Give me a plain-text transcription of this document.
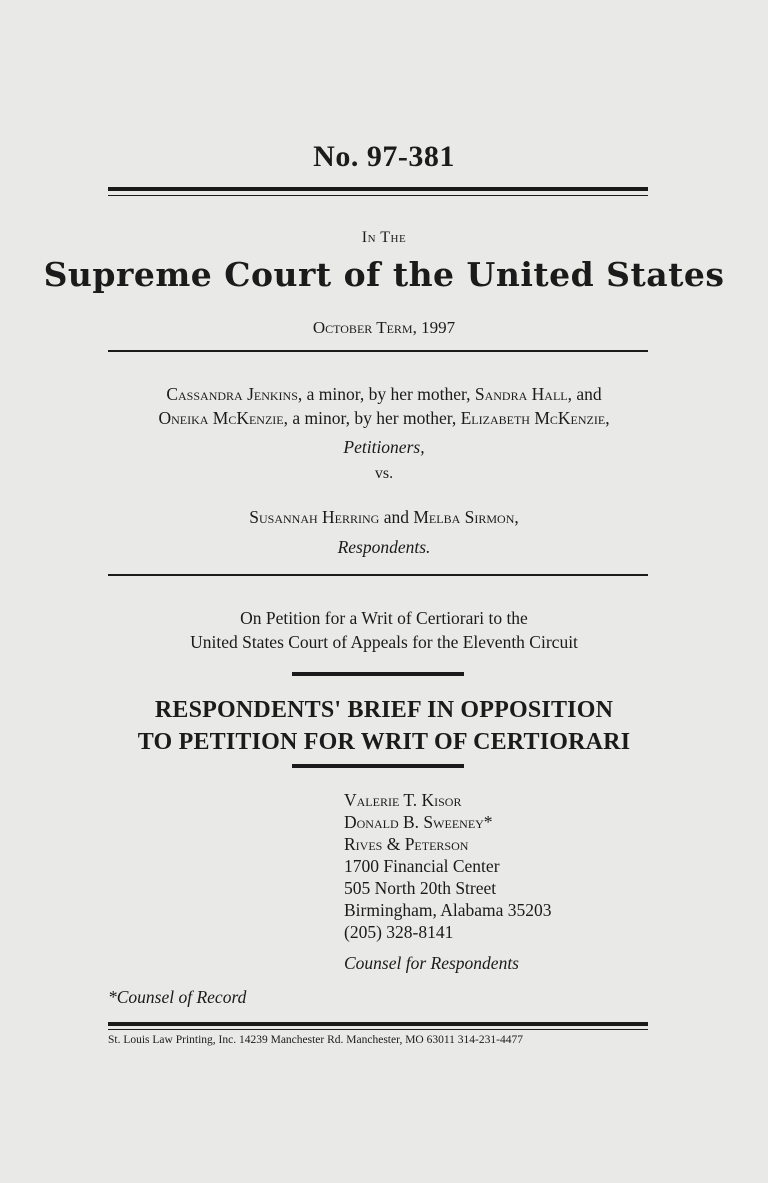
No. 97-381
In The
Supreme Court of the United States
October Term, 1997
Cassandra Jenkins, a minor, by her mother, Sandra Hall, and
Oneika McKenzie, a minor, by her mother, Elizabeth McKenzie,
Petitioners,
vs.
Susannah Herring and Melba Sirmon,
Respondents.
On Petition for a Writ of Certiorari to the
United States Court of Appeals for the Eleventh Circuit
RESPONDENTS' BRIEF IN OPPOSITION
TO PETITION FOR WRIT OF CERTIORARI
Valerie T. Kisor
Donald B. Sweeney*
Rives & Peterson
1700 Financial Center
505 North 20th Street
Birmingham, Alabama 35203
(205) 328-8141
Counsel for Respondents
*Counsel of Record
St. Louis Law Printing, Inc. 14239 Manchester Rd. Manchester, MO 63011 314-231-4477
